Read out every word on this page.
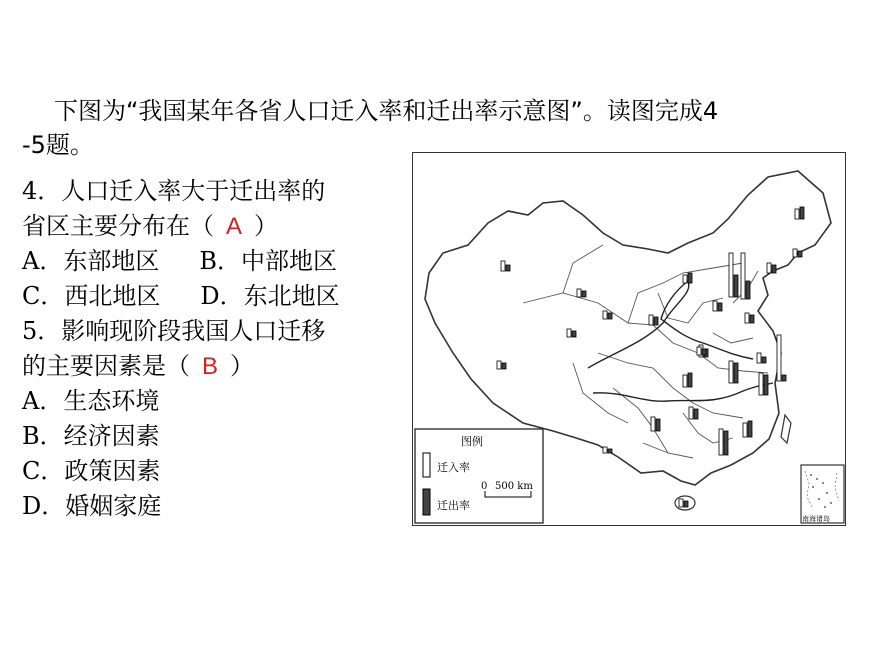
下图为“我国某年各省人口迁入率和迁出率示意图”。读图完成4
-5题。
4．人口迁入率大于迁出率的
省区主要分布在（ A ）
A．东部地区 B．中部地区
C．西北地区 D．东北地区
5．影响现阶段我国人口迁移
的主要因素是（ B ）
A．生态环境
B．经济因素
C．政策因素
D．婚姻家庭
图例
迁入率
迁出率
0 500 km
南海诸岛
